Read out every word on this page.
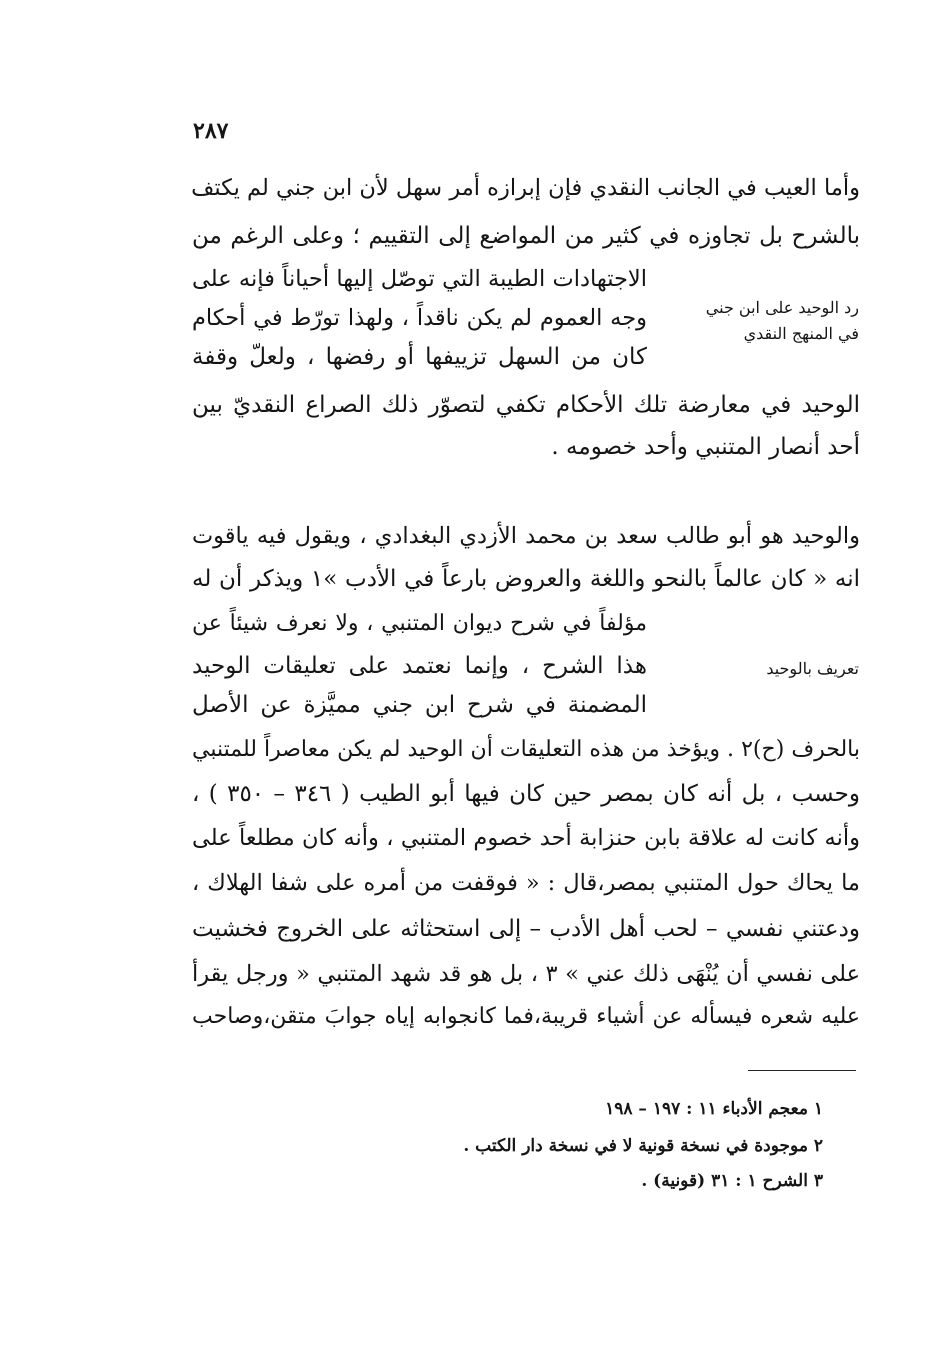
٢٨٧
وأما العيب في الجانب النقدي فإن إبرازه أمر سهل لأن ابن جني لم يكتف
بالشرح بل تجاوزه في كثير من المواضع إلى التقييم ؛ وعلى الرغم من
الاجتهادات الطيبة التي توصّل إليها أحياناً فإنه على
وجه العموم لم يكن ناقداً ، ولهذا تورّط في أحكام
كان من السهل تزييفها أو رفضها ، ولعلّ وقفة
الوحيد في معارضة تلك الأحكام تكفي لتصوّر ذلك الصراع النقديّ بين
أحد أنصار المتنبي وأحد خصومه .
رد الوحيد على ابن جني
في المنهج النقدي
والوحيد هو أبو طالب سعد بن محمد الأزدي البغدادي ، ويقول فيه ياقوت
انه « كان عالماً بالنحو واللغة والعروض بارعاً في الأدب »١ ويذكر أن له
مؤلفاً في شرح ديوان المتنبي ، ولا نعرف شيئاً عن
هذا الشرح ، وإنما نعتمد على تعليقات الوحيد
المضمنة في شرح ابن جني مميَّزة عن الأصل
بالحرف (ح)٢ . ويؤخذ من هذه التعليقات أن الوحيد لم يكن معاصراً للمتنبي
وحسب ، بل أنه كان بمصر حين كان فيها أبو الطيب ( ٣٤٦ – ٣٥٠ ) ،
وأنه كانت له علاقة بابن حنزابة أحد خصوم المتنبي ، وأنه كان مطلعاً على
ما يحاك حول المتنبي بمصر،قال : « فوقفت من أمره على شفا الهلاك ،
ودعتني نفسي – لحب أهل الأدب – إلى استحثاثه على الخروج فخشيت
على نفسي أن يُنْهَى ذلك عني » ٣ ، بل هو قد شهد المتنبي « ورجل يقرأ
عليه شعره فيسأله عن أشياء قريبة،فما كانجوابه إياه جوابَ متقن،وصاحب
تعريف بالوحيد
١ معجم الأدباء ١١ : ١٩٧ – ١٩٨
٢ موجودة في نسخة قونية لا في نسخة دار الكتب .
٣ الشرح ١ : ٣١ (قونية) .
